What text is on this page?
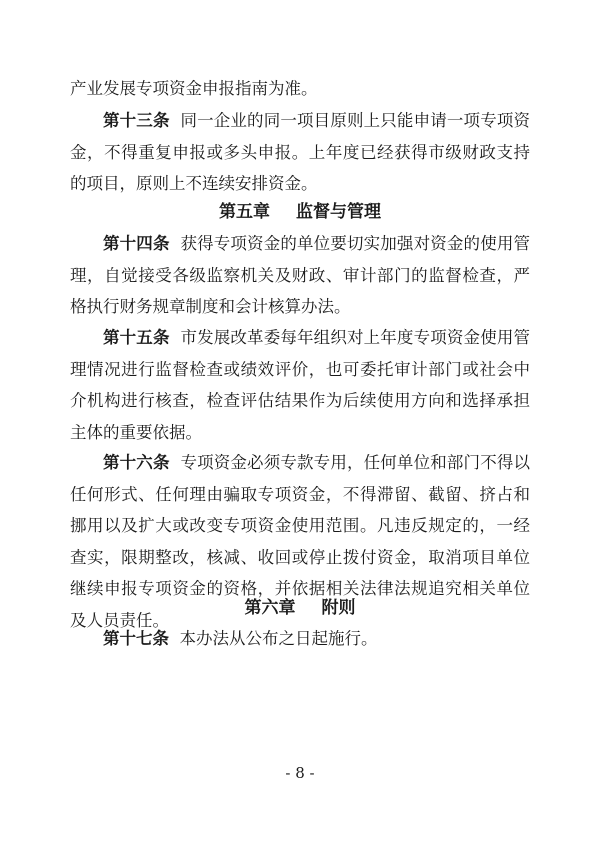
产业发展专项资金申报指南为准。

第十三条 同一企业的同一项目原则上只能申请一项专项资金，不得重复申报或多头申报。上年度已经获得市级财政支持的项目，原则上不连续安排资金。

第五章 监督与管理

第十四条 获得专项资金的单位要切实加强对资金的使用管理，自觉接受各级监察机关及财政、审计部门的监督检查，严格执行财务规章制度和会计核算办法。

第十五条 市发展改革委每年组织对上年度专项资金使用管理情况进行监督检查或绩效评价，也可委托审计部门或社会中介机构进行核查，检查评估结果作为后续使用方向和选择承担主体的重要依据。

第十六条 专项资金必须专款专用，任何单位和部门不得以任何形式、任何理由骗取专项资金，不得滞留、截留、挤占和挪用以及扩大或改变专项资金使用范围。凡违反规定的，一经查实，限期整改，核减、收回或停止拨付资金，取消项目单位继续申报专项资金的资格，并依据相关法律法规追究相关单位及人员责任。

第六章 附则

第十七条 本办法从公布之日起施行。

- 8 -
